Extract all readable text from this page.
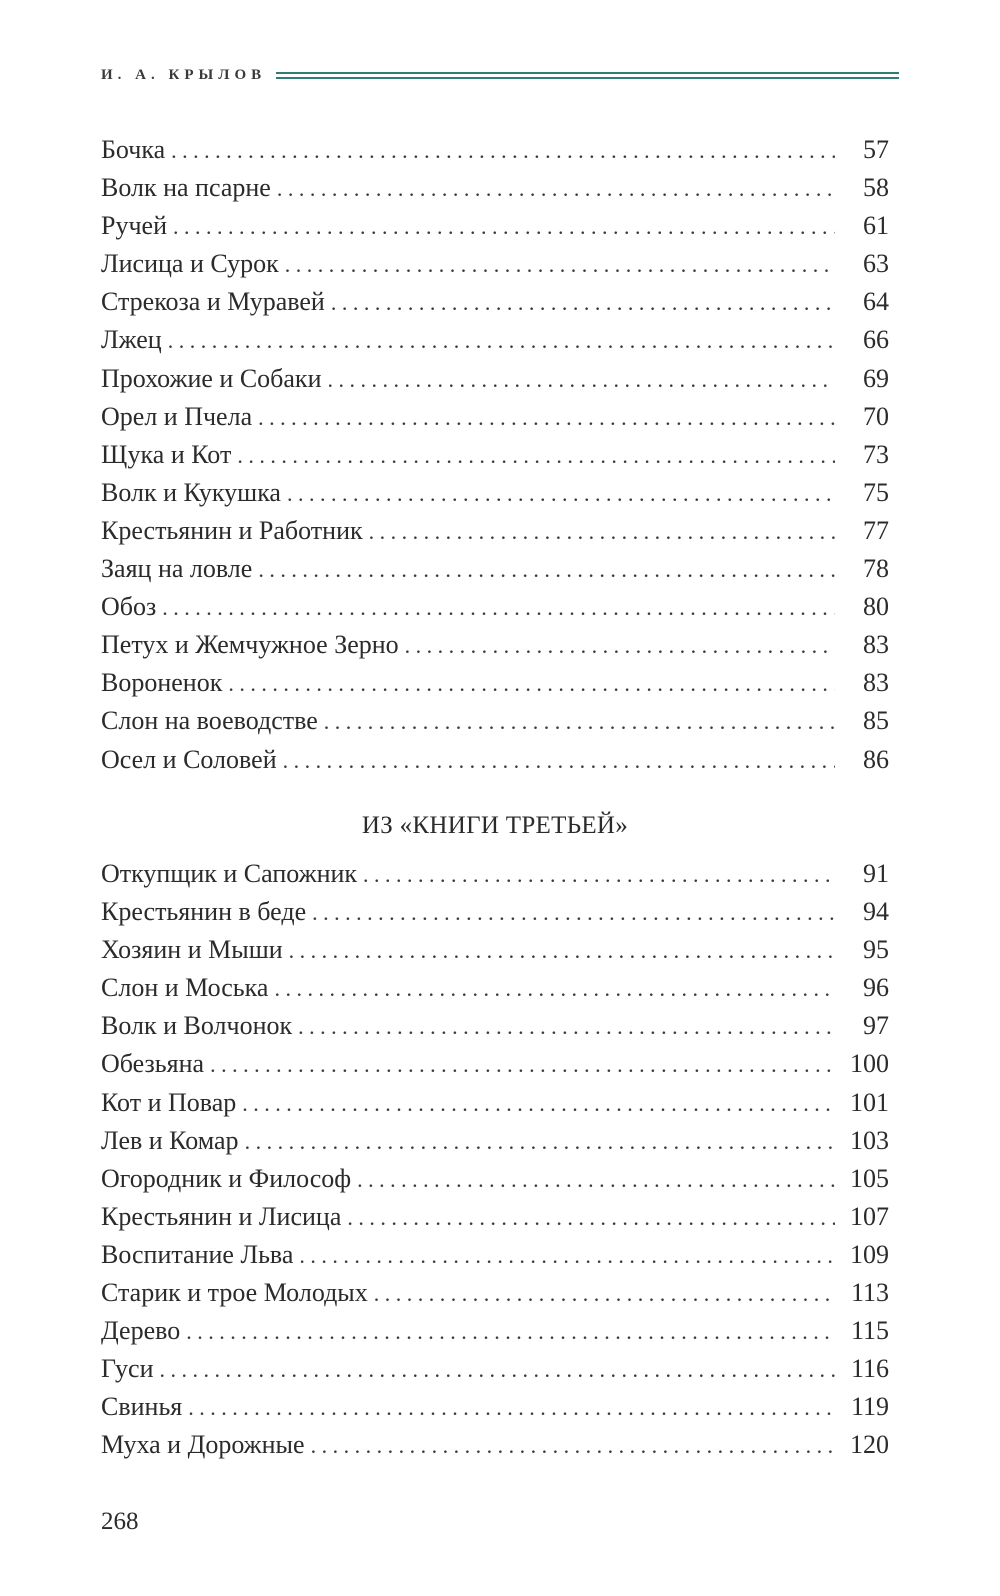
И. А. КРЫЛОВ
Бочка . . .	57
Волк на псарне . . .	58
Ручей . . .	61
Лисица и Сурок . . .	63
Стрекоза и Муравей . . .	64
Лжец . . .	66
Прохожие и Собаки . . .	69
Орел и Пчела . . .	70
Щука и Кот . . .	73
Волк и Кукушка . . .	75
Крестьянин и Работник . . .	77
Заяц на ловле . . .	78
Обоз . . .	80
Петух и Жемчужное Зерно . . .	83
Вороненок . . .	83
Слон на воеводстве . . .	85
Осел и Соловей . . .	86
ИЗ «КНИГИ ТРЕТЬЕЙ»
Откупщик и Сапожник . . .	91
Крестьянин в беде . . .	94
Хозяин и Мыши . . .	95
Слон и Моська . . .	96
Волк и Волчонок . . .	97
Обезьяна . . .	100
Кот и Повар . . .	101
Лев и Комар . . .	103
Огородник и Философ . . .	105
Крестьянин и Лисица . . .	107
Воспитание Льва . . .	109
Старик и трое Молодых . . .	113
Дерево . . .	115
Гуси . . .	116
Свинья . . .	119
Муха и Дорожные . . .	120
268
